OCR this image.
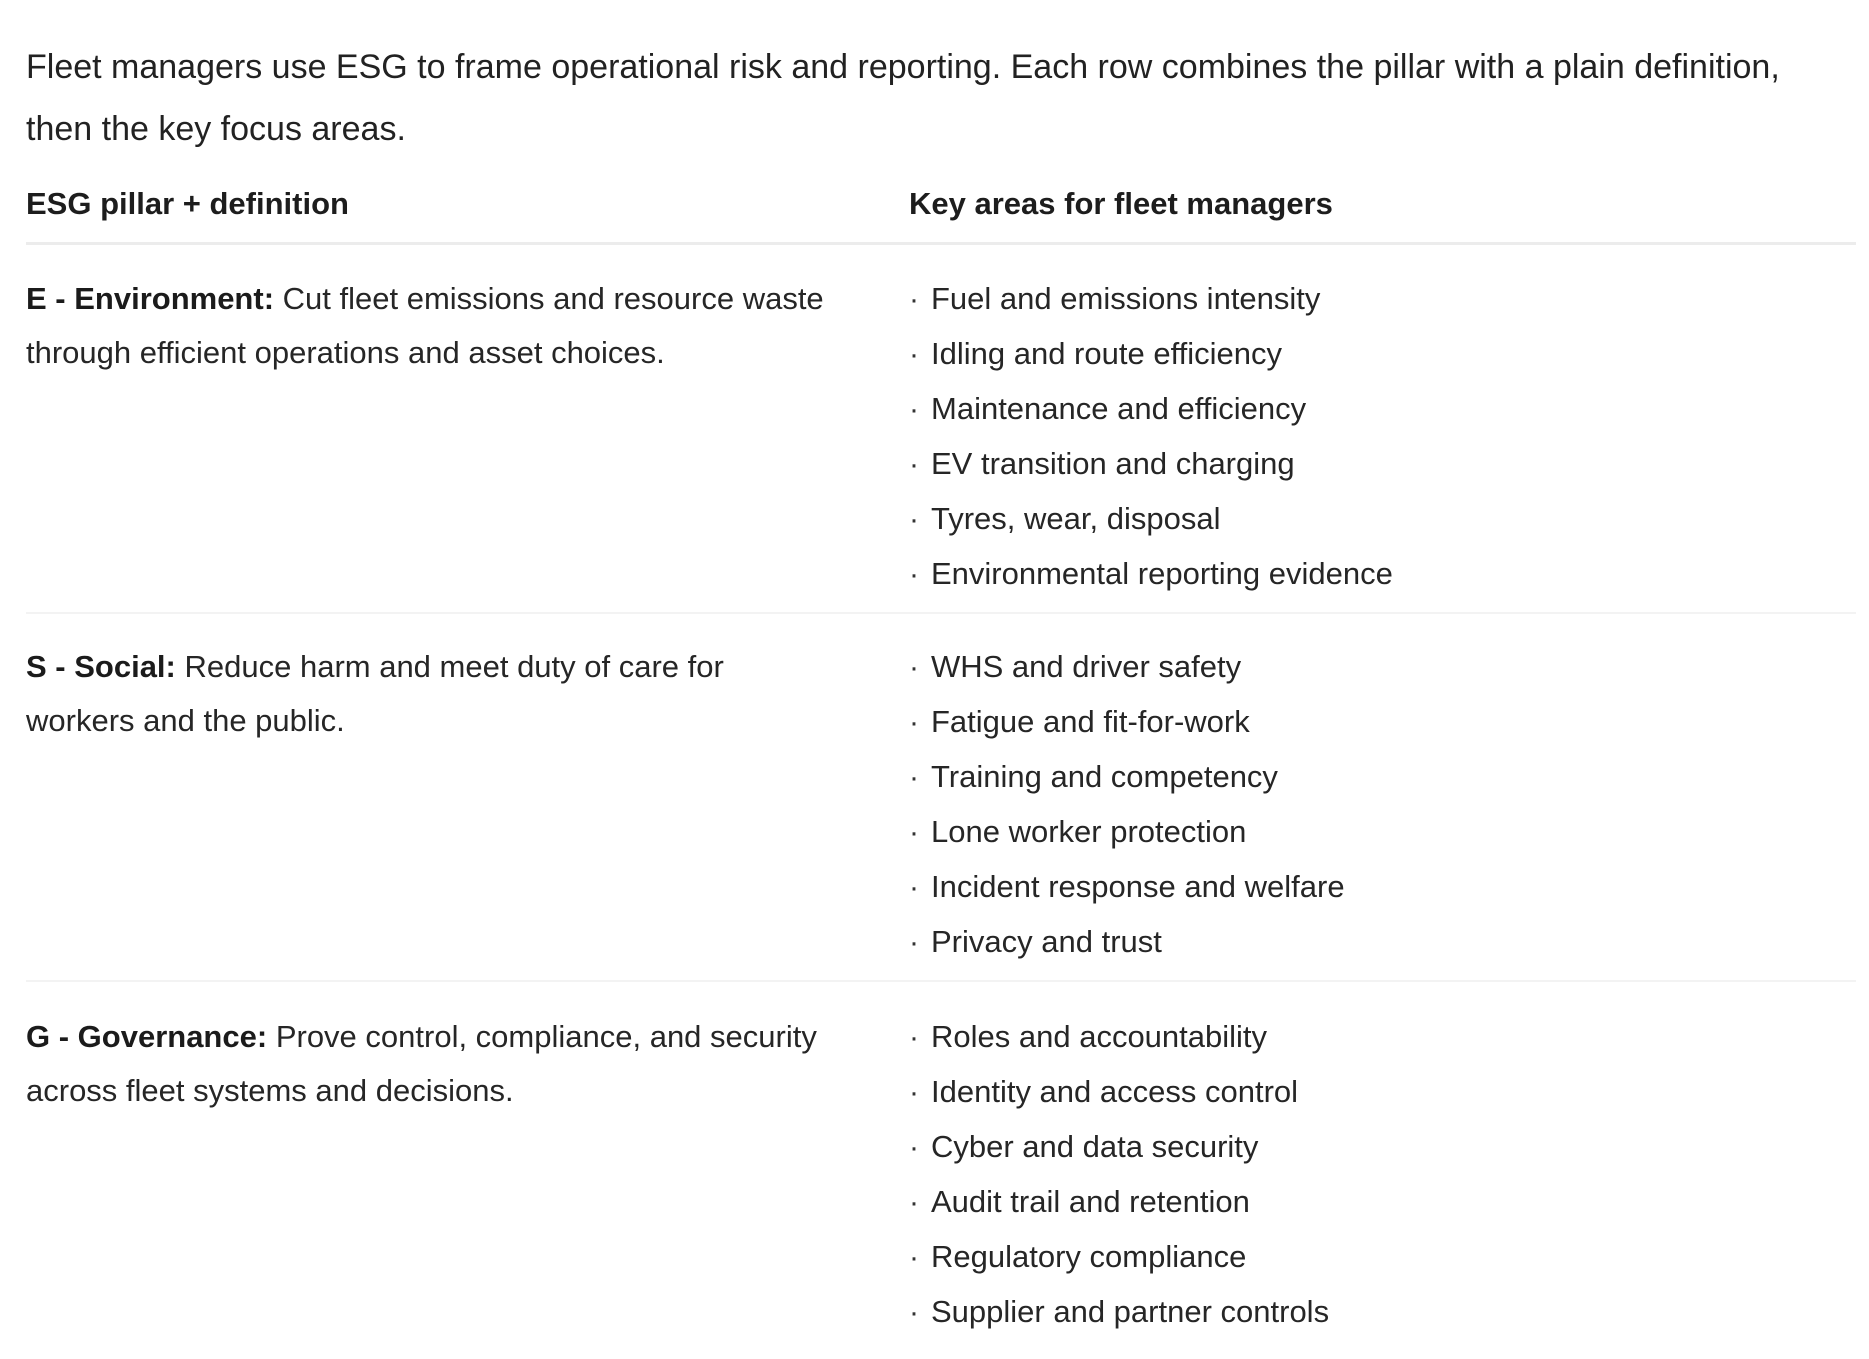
Fleet managers use ESG to frame operational risk and reporting. Each row combines the pillar with a plain definition, then the key focus areas.

ESG pillar + definition	Key areas for fleet managers
E - Environment: Cut fleet emissions and resource waste through efficient operations and asset choices.
· Fuel and emissions intensity
· Idling and route efficiency
· Maintenance and efficiency
· EV transition and charging
· Tyres, wear, disposal
· Environmental reporting evidence
S - Social: Reduce harm and meet duty of care for workers and the public.
· WHS and driver safety
· Fatigue and fit-for-work
· Training and competency
· Lone worker protection
· Incident response and welfare
· Privacy and trust
G - Governance: Prove control, compliance, and security across fleet systems and decisions.
· Roles and accountability
· Identity and access control
· Cyber and data security
· Audit trail and retention
· Regulatory compliance
· Supplier and partner controls
